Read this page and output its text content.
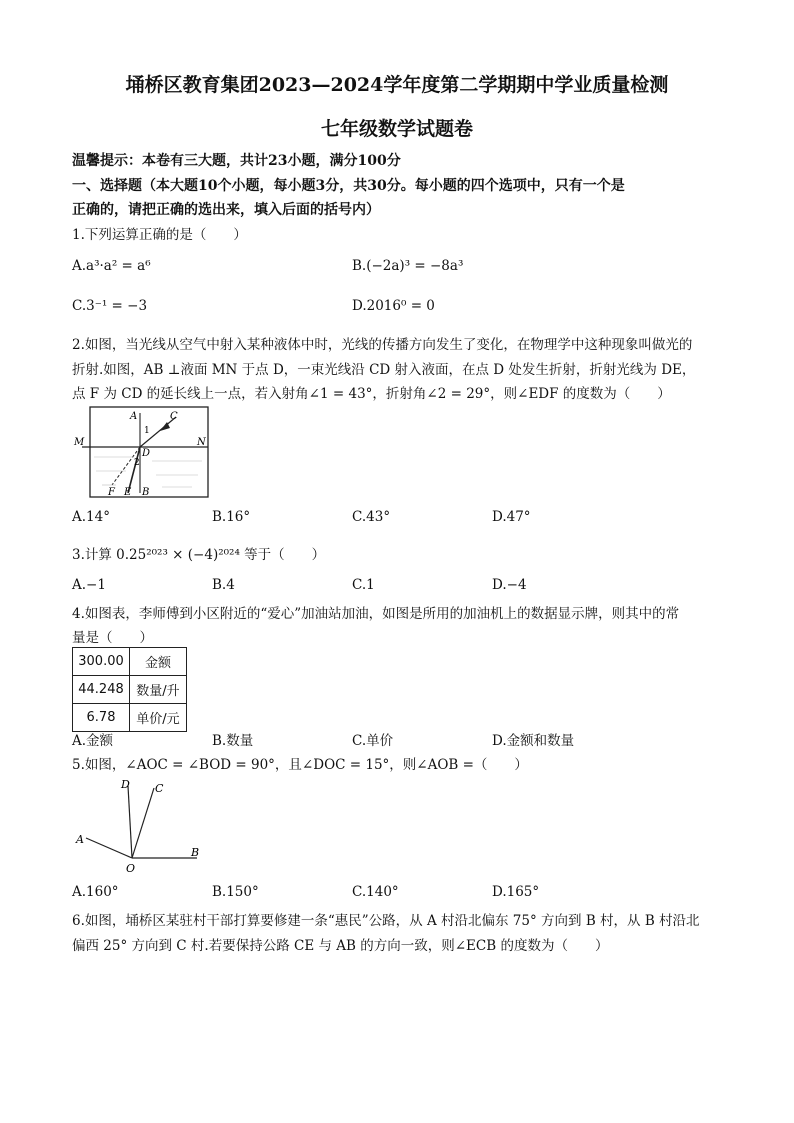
埇桥区教育集团2023—2024学年度第二学期期中学业质量检测
七年级数学试题卷
温馨提示：本卷有三大题，共计23小题，满分100分
一、选择题（本大题10个小题，每小题3分，共30分。每小题的四个选项中，只有一个是
正确的，请把正确的选出来，填入后面的括号内）
1.下列运算正确的是（　　）
A.a³·a² = a⁶	B.(−2a)³ = −8a³
C.3⁻¹ = −3	D.2016⁰ = 0
2.如图，当光线从空气中射入某种液体中时，光线的传播方向发生了变化，在物理学中这种现象叫做光的
折射.如图，AB ⊥液面 MN 于点 D，一束光线沿 CD 射入液面，在点 D 处发生折射，折射光线为 DE，
点 F 为 CD 的延长线上一点，若入射角∠1 = 43°，折射角∠2 = 29°，则∠EDF 的度数为（　　）
A	C
M	N
1
D
2
F E B
A.14°	B.16°	C.43°	D.47°
3.计算 0.25²⁰²³ × (−4)²⁰²⁴ 等于（　　）
A.−1	B.4	C.1	D.−4
4.如图表，李师傅到小区附近的“爱心”加油站加油，如图是所用的加油机上的数据显示牌，则其中的常
量是（　　）
300.00	金额
44.248	数量/升
6.78	单价/元
A.金额	B.数量	C.单价	D.金额和数量
5.如图，∠AOC = ∠BOD = 90°，且∠DOC = 15°，则∠AOB =（　　）
D C
A
O
B
A.160°	B.150°	C.140°	D.165°
6.如图，埇桥区某驻村干部打算要修建一条“惠民”公路，从 A 村沿北偏东 75° 方向到 B 村，从 B 村沿北
偏西 25° 方向到 C 村.若要保持公路 CE 与 AB 的方向一致，则∠ECB 的度数为（　　）
